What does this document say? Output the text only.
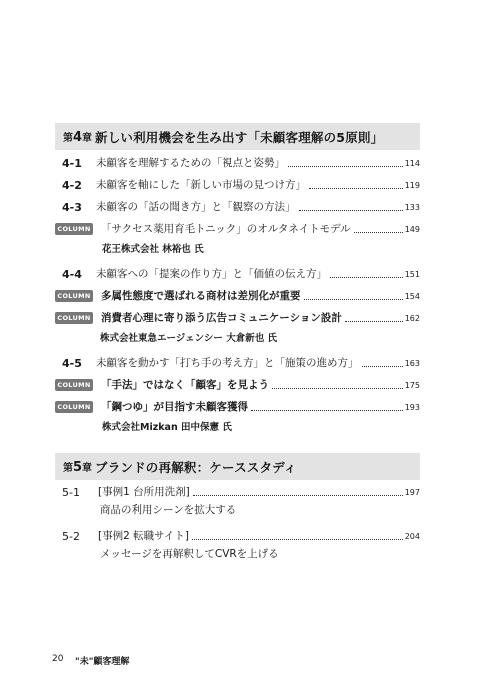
第4章 新しい利用機会を生み出す「未顧客理解の5原則」
4-1	未顧客を理解するための「視点と姿勢」	114
4-2	未顧客を軸にした「新しい市場の見つけ方」	119
4-3	未顧客の「話の聞き方」と「観察の方法」	133
COLUMN 「サクセス薬用育毛トニック」のオルタネイトモデル	149
花王株式会社 林裕也 氏
4-4	未顧客への「提案の作り方」と「価値の伝え方」	151
COLUMN 多属性態度で選ばれる商材は差別化が重要	154
COLUMN 消費者心理に寄り添う広告コミュニケーション設計	162
株式会社東急エージェンシー 大倉新也 氏
4-5	未顧客を動かす「打ち手の考え方」と「施策の進め方」	163
COLUMN 「手法」ではなく「顧客」を見よう	175
COLUMN 「鋼つゆ」が目指す未顧客獲得	193
株式会社Mizkan 田中保憲 氏
第5章 ブランドの再解釈：ケーススタディ
5-1	[事例1 台所用洗剤]	197
商品の利用シーンを拡大する
5-2	[事例2 転職サイト]	204
メッセージを再解釈してCVRを上げる
20 "未"顧客理解
